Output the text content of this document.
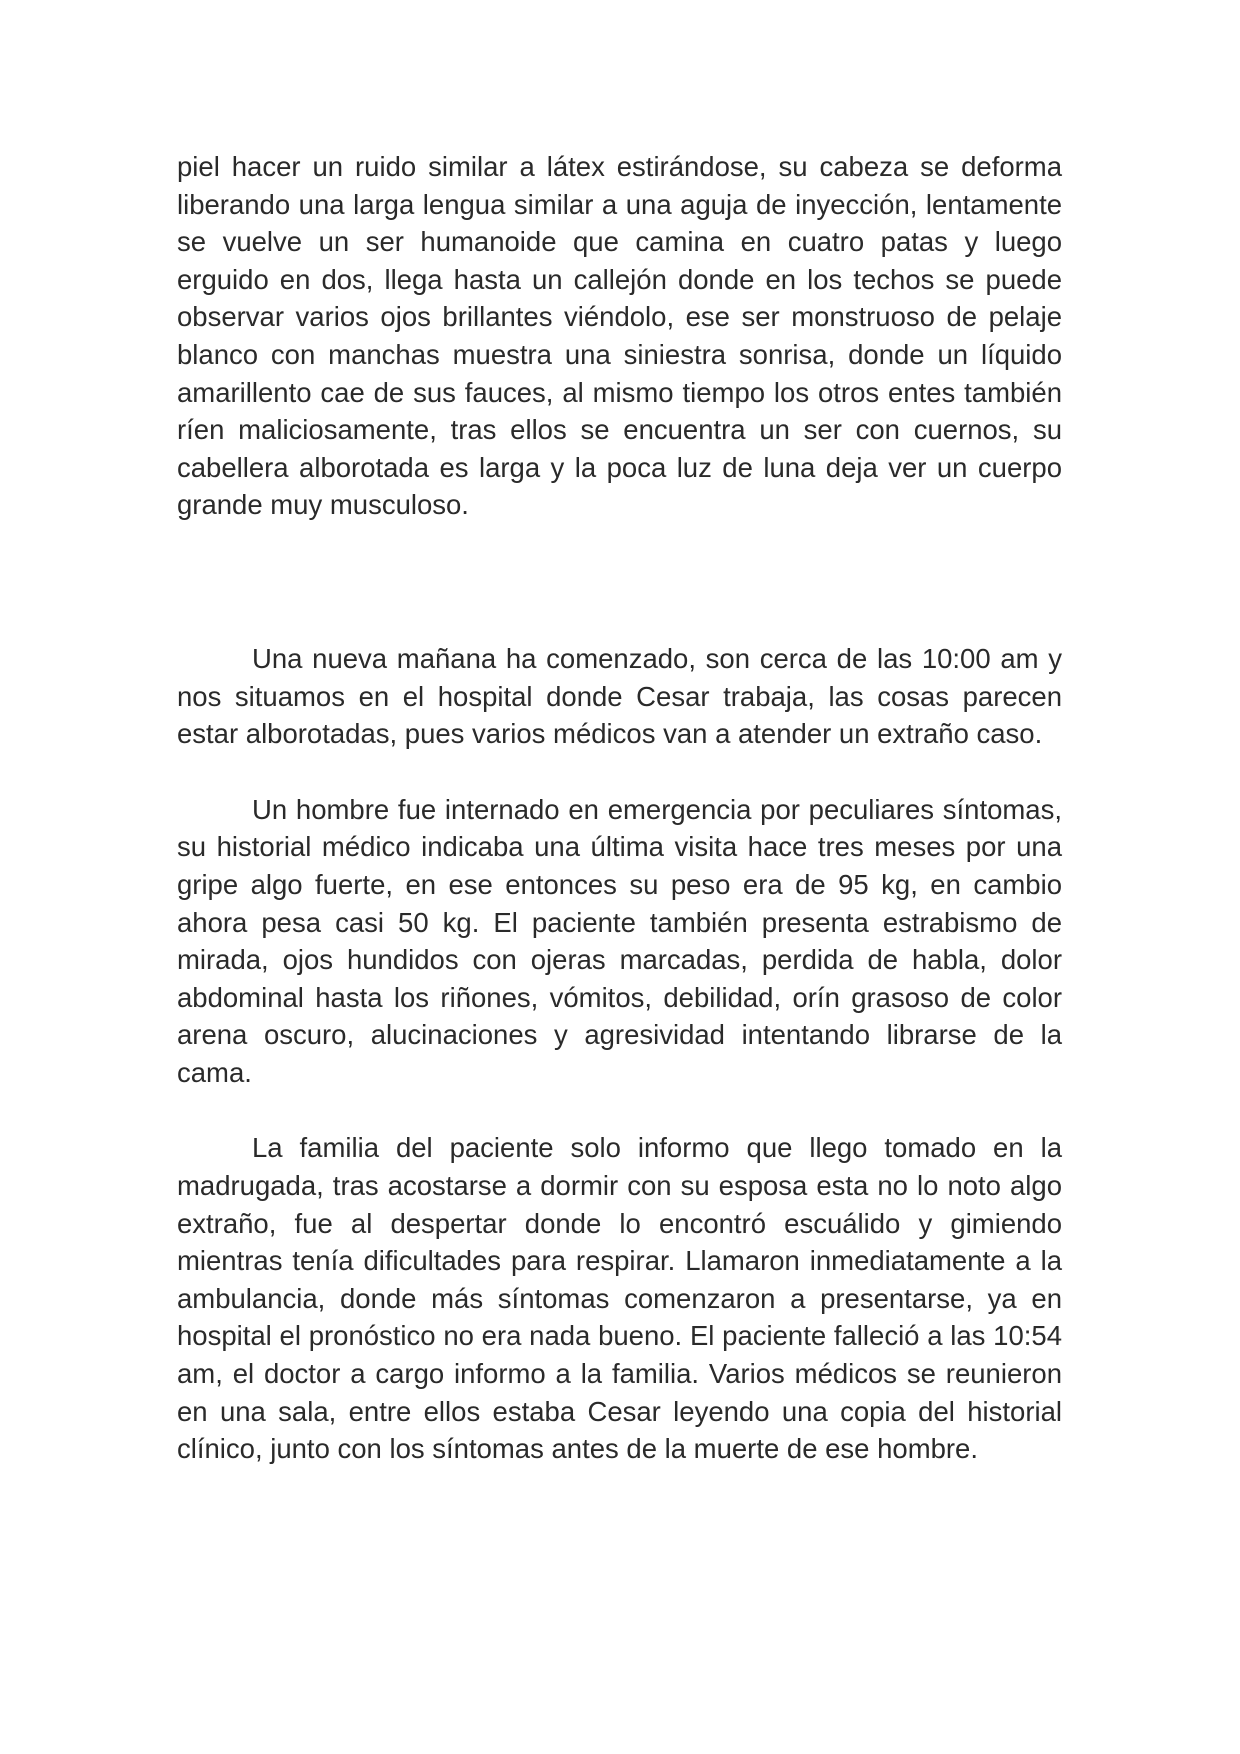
piel hacer un ruido similar a látex estirándose, su cabeza se deforma liberando una larga lengua similar a una aguja de inyección, lentamente se vuelve un ser humanoide que camina en cuatro patas y luego erguido en dos, llega hasta un callejón donde en los techos se puede observar varios ojos brillantes viéndolo, ese ser monstruoso de pelaje blanco con manchas muestra una siniestra sonrisa, donde un líquido amarillento cae de sus fauces, al mismo tiempo los otros entes también ríen maliciosamente, tras ellos se encuentra un ser con cuernos, su cabellera alborotada es larga y la poca luz de luna deja ver un cuerpo grande muy musculoso.

Una nueva mañana ha comenzado, son cerca de las 10:00 am y nos situamos en el hospital donde Cesar trabaja, las cosas parecen estar alborotadas, pues varios médicos van a atender un extraño caso.

Un hombre fue internado en emergencia por peculiares síntomas, su historial médico indicaba una última visita hace tres meses por una gripe algo fuerte, en ese entonces su peso era de 95 kg, en cambio ahora pesa casi 50 kg. El paciente también presenta estrabismo de mirada, ojos hundidos con ojeras marcadas, perdida de habla, dolor abdominal hasta los riñones, vómitos, debilidad, orín grasoso de color arena oscuro, alucinaciones y agresividad intentando librarse de la cama.

La familia del paciente solo informo que llego tomado en la madrugada, tras acostarse a dormir con su esposa esta no lo noto algo extraño, fue al despertar donde lo encontró escuálido y gimiendo mientras tenía dificultades para respirar. Llamaron inmediatamente a la ambulancia, donde más síntomas comenzaron a presentarse, ya en hospital el pronóstico no era nada bueno. El paciente falleció a las 10:54 am, el doctor a cargo informo a la familia. Varios médicos se reunieron en una sala, entre ellos estaba Cesar leyendo una copia del historial clínico, junto con los síntomas antes de la muerte de ese hombre.
